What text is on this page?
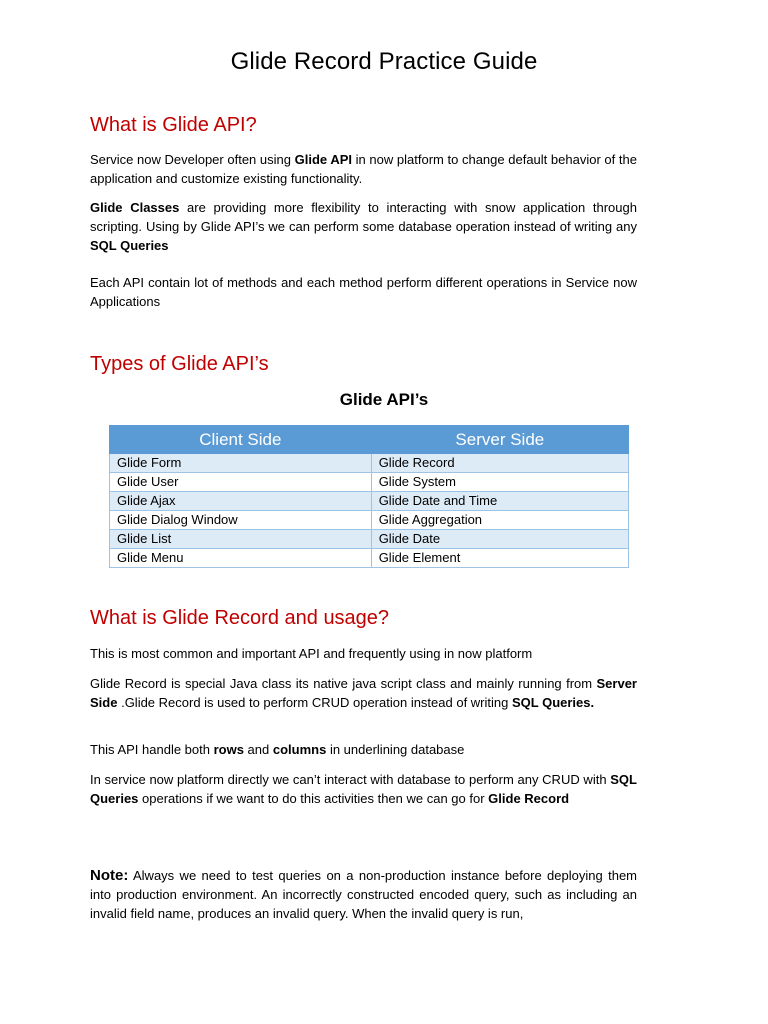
Glide Record Practice Guide
What is Glide API?

Service now Developer often using Glide API in now platform to change default behavior of the application and customize existing functionality.

Glide Classes are providing more flexibility to interacting with snow application through scripting. Using by Glide API’s we can perform some database operation instead of writing any SQL Queries

Each API contain lot of methods and each method perform different operations in Service now Applications

Types of Glide API’s
Glide API’s
Client Side	Server Side
Glide Form	Glide Record
Glide User	Glide System
Glide Ajax	Glide Date and Time
Glide Dialog Window	Glide Aggregation
Glide List	Glide Date
Glide Menu	Glide Element
What is Glide Record and usage?

This is most common and important API and frequently using in now platform

Glide Record is special Java class its native java script class and mainly running from Server Side .Glide Record is used to perform CRUD operation instead of writing SQL Queries.

This API handle both rows and columns in underlining database

In service now platform directly we can’t interact with database to perform any CRUD with SQL Queries operations if we want to do this activities then we can go for Glide Record

Note: Always we need to test queries on a non-production instance before deploying them into production environment. An incorrectly constructed encoded query, such as including an invalid field name, produces an invalid query. When the invalid query is run,
